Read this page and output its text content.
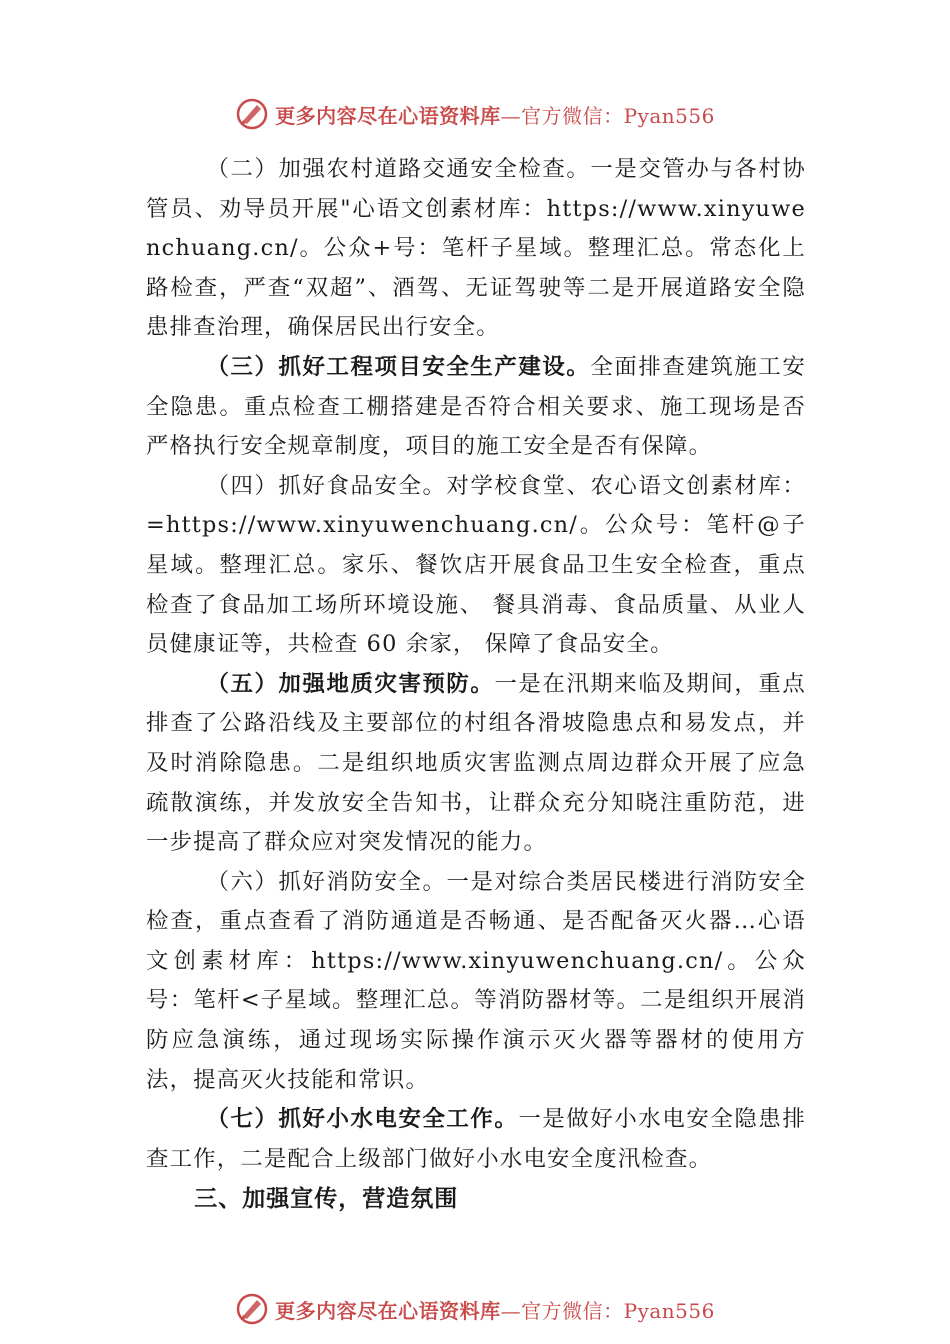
更多内容尽在心语资料库—官方微信：Pyan556

（二）加强农村道路交通安全检查。一是交管办与各村协管员、劝导员开展"心语文创素材库：https://www.xinyuwenchuang.cn/。公众+号：笔杆子星域。整理汇总。常态化上路检查，严查“双超”、酒驾、无证驾驶等二是开展道路安全隐患排查治理，确保居民出行安全。

（三）抓好工程项目安全生产建设。全面排查建筑施工安全隐患。重点检查工棚搭建是否符合相关要求、施工现场是否严格执行安全规章制度，项目的施工安全是否有保障。

（四）抓好食品安全。对学校食堂、农心语文创素材库：=https://www.xinyuwenchuang.cn/。公众号：笔杆@子星域。整理汇总。家乐、餐饮店开展食品卫生安全检查，重点检查了食品加工场所环境设施、 餐具消毒、食品质量、从业人员健康证等，共检查 60 余家， 保障了食品安全。

（五）加强地质灾害预防。一是在汛期来临及期间，重点排查了公路沿线及主要部位的村组各滑坡隐患点和易发点，并及时消除隐患。二是组织地质灾害监测点周边群众开展了应急疏散演练，并发放安全告知书，让群众充分知晓注重防范，进一步提高了群众应对突发情况的能力。

（六）抓好消防安全。一是对综合类居民楼进行消防安全检查，重点查看了消防通道是否畅通、是否配备灭火器…心语文创素材库：https://www.xinyuwenchuang.cn/。公众号：笔杆<子星域。整理汇总。等消防器材等。二是组织开展消防应急演练，通过现场实际操作演示灭火器等器材的使用方法，提高灭火技能和常识。

（七）抓好小水电安全工作。一是做好小水电安全隐患排查工作，二是配合上级部门做好小水电安全度汛检查。

三、加强宣传，营造氛围

更多内容尽在心语资料库—官方微信：Pyan556
